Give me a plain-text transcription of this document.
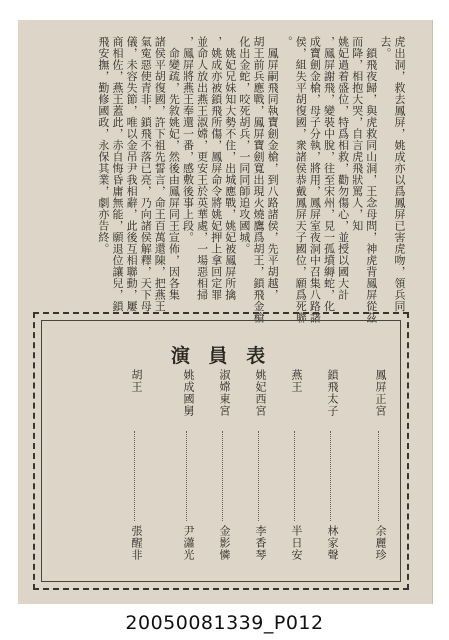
虎出洞，救去鳳屏，姚成亦以爲鳳屏已害虎吻，領兵同
去。
　鎖飛夜歸，與虎救同山洞，王念母問，神虎背鳳屏從茲
而降，相抱大哭，自言虎飛狀罵人，知
姚妃過着盛位，特爲相救，勸勿傷心，並授以國大計
，鳳屏謝飛，變裝中脫，往至宋州，見一孤墳縟蛇，化
成寶劍金槍，母子分執，將用，鳳屏室夜洞中召集八路諸
侯，組失平胡復國，衆諸侯恭戴鳳屏天子國位，願爲死聯
。
　鳳屏嗣飛同執寶劍金槍，到八路諸侯，先平胡越，
胡王前兵應戰，鳳屏寶劍寬出現火燒鷹爲胡王，鎖飛金槍
化出金蛇，咬死胡兵，一同同師追攻國城。
　姚妃兄妹知大勢不住，出城應戰，姚妃被鳳屏所擒
，姚成亦被鎖飛所傷，鳳屏命令將姚妃押上拿回定罪
並命人放出燕王淑嫦，更安王於英華處，一場惡相掃
，鳳屏將燕王奉還一番，感敷後事上段。
　命變疏，先敘姚妃，然後由鳳屏同王宣佈，因各集
諸侯平胡復國，許下祖先誓言，命王百萬還陳，把燕王
氣寃惡使青非，鎖飛不落已亮，乃向諸侯解釋，天下母
儀，未容失節，唯以金吊尹我相辭，此後互相聯動，屢
商相佐，燕王蓋此，赤自悔昏庸無能，願退位讓兒，鎖
飛安撫，勤修國政，永保其業，劇亦告終。
演 員 表
鳳屏正宮
余麗珍
鎖飛太子
林家聲
燕王
半日安
姚妃西宮
李香琴
淑嫦東宮
金影憐
姚成國舅
尹瀟光
胡王
張醒非
20050081339_P012
